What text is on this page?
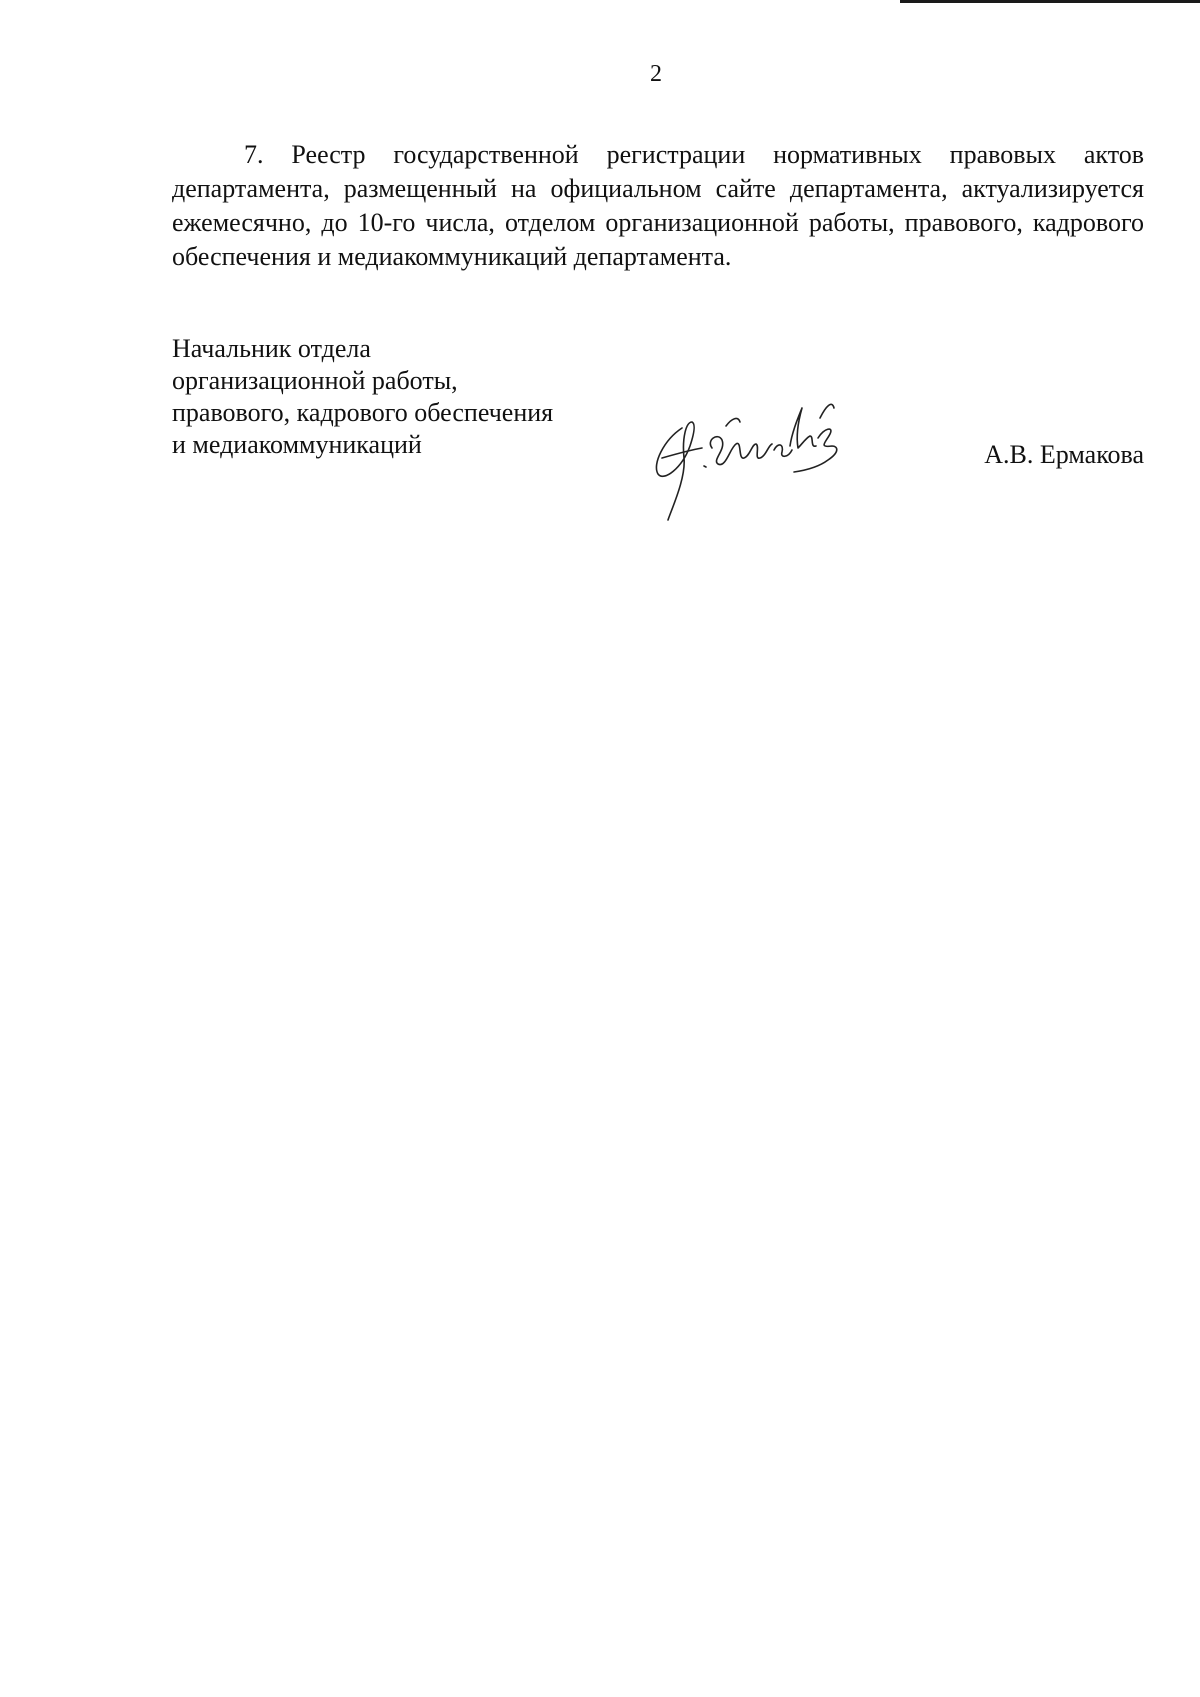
2

7. Реестр государственной регистрации нормативных правовых актов департамента, размещенный на официальном сайте департамента, актуализируется ежемесячно, до 10-го числа, отделом организационной работы, правового, кадрового обеспечения и медиакоммуникаций департамента.

Начальник отдела
организационной работы,
правового, кадрового обеспечения
и медиакоммуникаций	А.В. Ермакова
